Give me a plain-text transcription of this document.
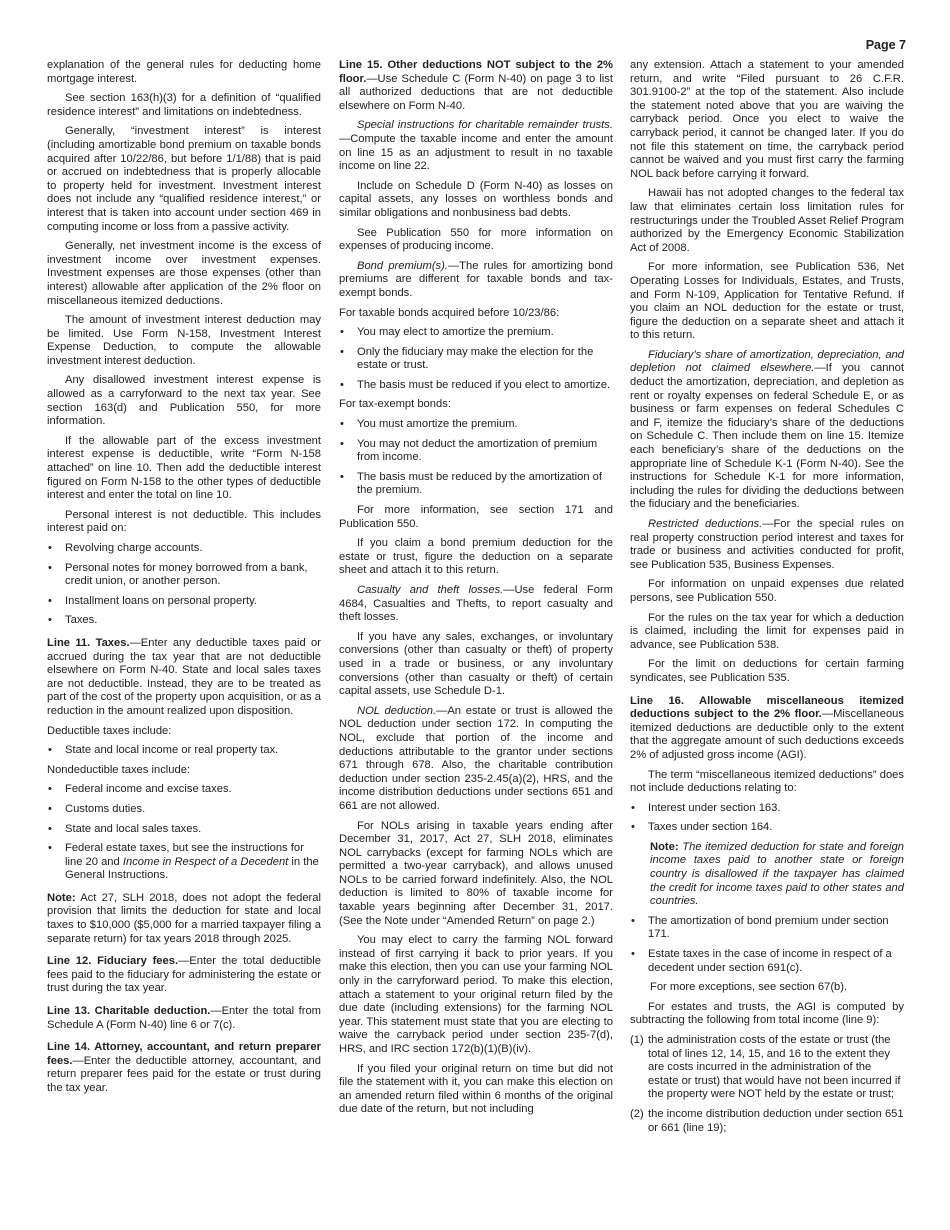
Page 7

explanation of the general rules for deducting home mortgage interest.

See section 163(h)(3) for a definition of “qualified residence interest” and limitations on indebtedness.

Generally, “investment interest” is interest (including amortizable bond premium on taxable bonds acquired after 10/22/86, but before 1/1/88) that is paid or accrued on indebtedness that is properly allocable to property held for investment. Investment interest does not include any “qualified residence interest,” or interest that is taken into account under section 469 in computing income or loss from a passive activity.

Generally, net investment income is the excess of investment income over investment expenses. Investment expenses are those expenses (other than interest) allowable after application of the 2% floor on miscellaneous itemized deductions.

The amount of investment interest deduction may be limited. Use Form N-158, Investment Interest Expense Deduction, to compute the allowable investment interest deduction.

Any disallowed investment interest expense is allowed as a carryforward to the next tax year. See section 163(d) and Publication 550, for more information.

If the allowable part of the excess investment interest expense is deductible, write “Form N-158 attached” on line 10. Then add the deductible interest figured on Form N-158 to the other types of deductible interest and enter the total on line 10.

Personal interest is not deductible. This includes interest paid on:

• Revolving charge accounts.
• Personal notes for money borrowed from a bank, credit union, or another person.
• Installment loans on personal property.
• Taxes.

Line 11. Taxes.—Enter any deductible taxes paid or accrued during the tax year that are not deductible elsewhere on Form N-40. State and local sales taxes are not deductible. Instead, they are to be treated as part of the cost of the property upon acquisition, or as a reduction in the amount realized upon disposition.

Deductible taxes include:

• State and local income or real property tax.

Nondeductible taxes include:

• Federal income and excise taxes.
• Customs duties.
• State and local sales taxes.
• Federal estate taxes, but see the instructions for line 20 and Income in Respect of a Decedent in the General Instructions.

Note: Act 27, SLH 2018, does not adopt the federal provision that limits the deduction for state and local taxes to $10,000 ($5,000 for a married taxpayer filing a separate return) for tax years 2018 through 2025.

Line 12. Fiduciary fees.—Enter the total deductible fees paid to the fiduciary for administering the estate or trust during the tax year.

Line 13. Charitable deduction.—Enter the total from Schedule A (Form N-40) line 6 or 7(c).

Line 14. Attorney, accountant, and return preparer fees.—Enter the deductible attorney, accountant, and return preparer fees paid for the estate or trust during the tax year.

Line 15. Other deductions NOT subject to the 2% floor.—Use Schedule C (Form N-40) on page 3 to list all authorized deductions that are not deductible elsewhere on Form N-40.

Special instructions for charitable remainder trusts.—Compute the taxable income and enter the amount on line 15 as an adjustment to result in no taxable income on line 22.

Include on Schedule D (Form N-40) as losses on capital assets, any losses on worthless bonds and similar obligations and nonbusiness bad debts.

See Publication 550 for more information on expenses of producing income.

Bond premium(s).—The rules for amortizing bond premiums are different for taxable bonds and tax-exempt bonds.

For taxable bonds acquired before 10/23/86:

• You may elect to amortize the premium.
• Only the fiduciary may make the election for the estate or trust.
• The basis must be reduced if you elect to amortize.

For tax-exempt bonds:

• You must amortize the premium.
• You may not deduct the amortization of premium from income.
• The basis must be reduced by the amortization of the premium.

For more information, see section 171 and Publication 550.

If you claim a bond premium deduction for the estate or trust, figure the deduction on a separate sheet and attach it to this return.

Casualty and theft losses.—Use federal Form 4684, Casualties and Thefts, to report casualty and theft losses.

If you have any sales, exchanges, or involuntary conversions (other than casualty or theft) of property used in a trade or business, or any involuntary conversions (other than casualty or theft) of certain capital assets, use Schedule D-1.

NOL deduction.—An estate or trust is allowed the NOL deduction under section 172. In computing the NOL, exclude that portion of the income and deductions attributable to the grantor under sections 671 through 678. Also, the charitable contribution deduction under section 235-2.45(a)(2), HRS, and the income distribution deductions under sections 651 and 661 are not allowed.

For NOLs arising in taxable years ending after December 31, 2017, Act 27, SLH 2018, eliminates NOL carrybacks (except for farming NOLs which are permitted a two-year carryback), and allows unused NOLs to be carried forward indefinitely. Also, the NOL deduction is limited to 80% of taxable income for taxable years beginning after December 31, 2017. (See the Note under “Amended Return” on page 2.)

You may elect to carry the farming NOL forward instead of first carrying it back to prior years. If you make this election, then you can use your farming NOL only in the carryforward period. To make this election, attach a statement to your original return filed by the due date (including extensions) for the farming NOL year. This statement must state that you are electing to waive the carryback period under section 235-7(d), HRS, and IRC section 172(b)(1)(B)(iv).

If you filed your original return on time but did not file the statement with it, you can make this election on an amended return filed within 6 months of the original due date of the return, but not including

any extension. Attach a statement to your amended return, and write “Filed pursuant to 26 C.F.R. 301.9100-2” at the top of the statement. Also include the statement noted above that you are waiving the carryback period. Once you elect to waive the carryback period, it cannot be changed later. If you do not file this statement on time, the carryback period cannot be waived and you must first carry the farming NOL back before carrying it forward.

Hawaii has not adopted changes to the federal tax law that eliminates certain loss limitation rules for restructurings under the Troubled Asset Relief Program authorized by the Emergency Economic Stabilization Act of 2008.

For more information, see Publication 536, Net Operating Losses for Individuals, Estates, and Trusts, and Form N-109, Application for Tentative Refund. If you claim an NOL deduction for the estate or trust, figure the deduction on a separate sheet and attach it to this return.

Fiduciary’s share of amortization, depreciation, and depletion not claimed elsewhere.—If you cannot deduct the amortization, depreciation, and depletion as rent or royalty expenses on federal Schedule E, or as business or farm expenses on federal Schedules C and F, itemize the fiduciary’s share of the deductions on Schedule C. Then include them on line 15. Itemize each beneficiary’s share of the deductions on the appropriate line of Schedule K-1 (Form N-40). See the instructions for Schedule K-1 for more information, including the rules for dividing the deductions between the fiduciary and the beneficiaries.

Restricted deductions.—For the special rules on real property construction period interest and taxes for trade or business and activities conducted for profit, see Publication 535, Business Expenses.

For information on unpaid expenses due related persons, see Publication 550.

For the rules on the tax year for which a deduction is claimed, including the limit for expenses paid in advance, see Publication 538.

For the limit on deductions for certain farming syndicates, see Publication 535.

Line 16. Allowable miscellaneous itemized deductions subject to the 2% floor.—Miscellaneous itemized deductions are deductible only to the extent that the aggregate amount of such deductions exceeds 2% of adjusted gross income (AGI).

The term “miscellaneous itemized deductions” does not include deductions relating to:

• Interest under section 163.
• Taxes under section 164.
Note: The itemized deduction for state and foreign income taxes paid to another state or foreign country is disallowed if the taxpayer has claimed the credit for income taxes paid to other states and countries.
• The amortization of bond premium under section 171.
• Estate taxes in the case of income in respect of a decedent under section 691(c).

For more exceptions, see section 67(b).

For estates and trusts, the AGI is computed by subtracting the following from total income (line 9):

(1) the administration costs of the estate or trust (the total of lines 12, 14, 15, and 16 to the extent they are costs incurred in the administration of the estate or trust) that would have not been incurred if the property were NOT held by the estate or trust;
(2) the income distribution deduction under section 651 or 661 (line 19);
